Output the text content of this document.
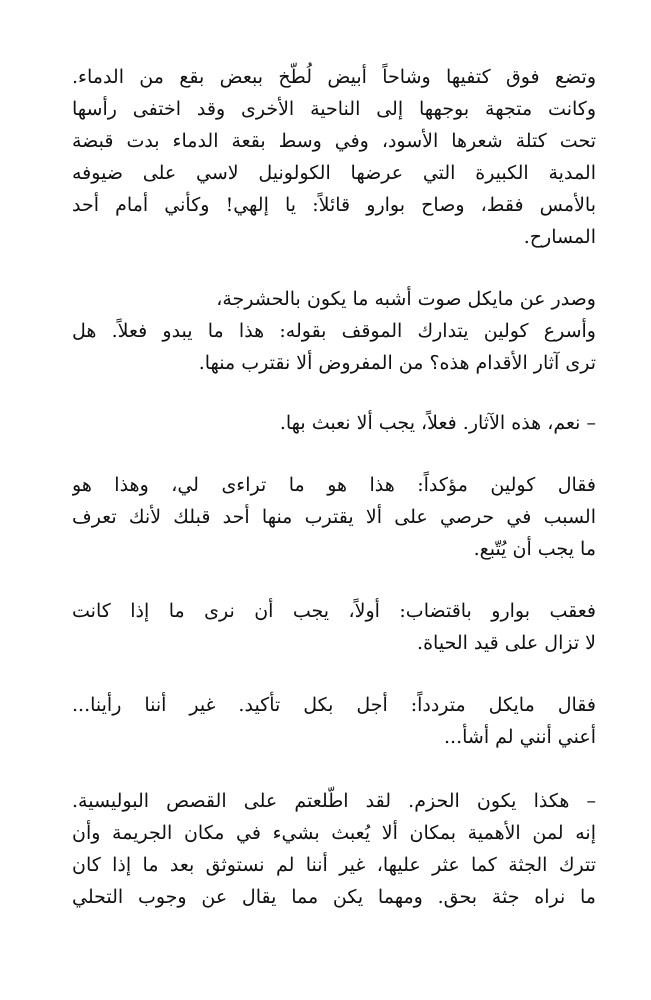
وتضع فوق كتفيها وشاحاً أبيض لُطّخ ببعض بقع من الدماء.

وكانت متجهة بوجهها إلى الناحية الأخرى وقد اختفى رأسها

تحت كتلة شعرها الأسود، وفي وسط بقعة الدماء بدت قبضة

المدية الكبيرة التي عرضها الكولونيل لاسي على ضيوفه

بالأمس فقط، وصاح بوارو قائلاً: يا إلهي! وكأني أمام أحد

المسارح.

وصدر عن مايكل صوت أشبه ما يكون بالحشرجة،

وأسرع كولين يتدارك الموقف بقوله: هذا ما يبدو فعلاً. هل

ترى آثار الأقدام هذه؟ من المفروض ألا نقترب منها.

– نعم، هذه الآثار. فعلاً، يجب ألا نعبث بها.

فقال كولين مؤكداً: هذا هو ما تراءى لي، وهذا هو

السبب في حرصي على ألا يقترب منها أحد قبلك لأنك تعرف

ما يجب أن يُتّبع.

فعقب بوارو باقتضاب: أولاً، يجب أن نرى ما إذا كانت

لا تزال على قيد الحياة.

فقال مايكل متردداً: أجل بكل تأكيد. غير أننا رأينا...

أعني أنني لم أشأ...

– هكذا يكون الحزم. لقد اطّلعتم على القصص البوليسية.

إنه لمن الأهمية بمكان ألا يُعبث بشيء في مكان الجريمة وأن

تترك الجثة كما عثر عليها، غير أننا لم نستوثق بعد ما إذا كان

ما نراه جثة بحق. ومهما يكن مما يقال عن وجوب التحلي
